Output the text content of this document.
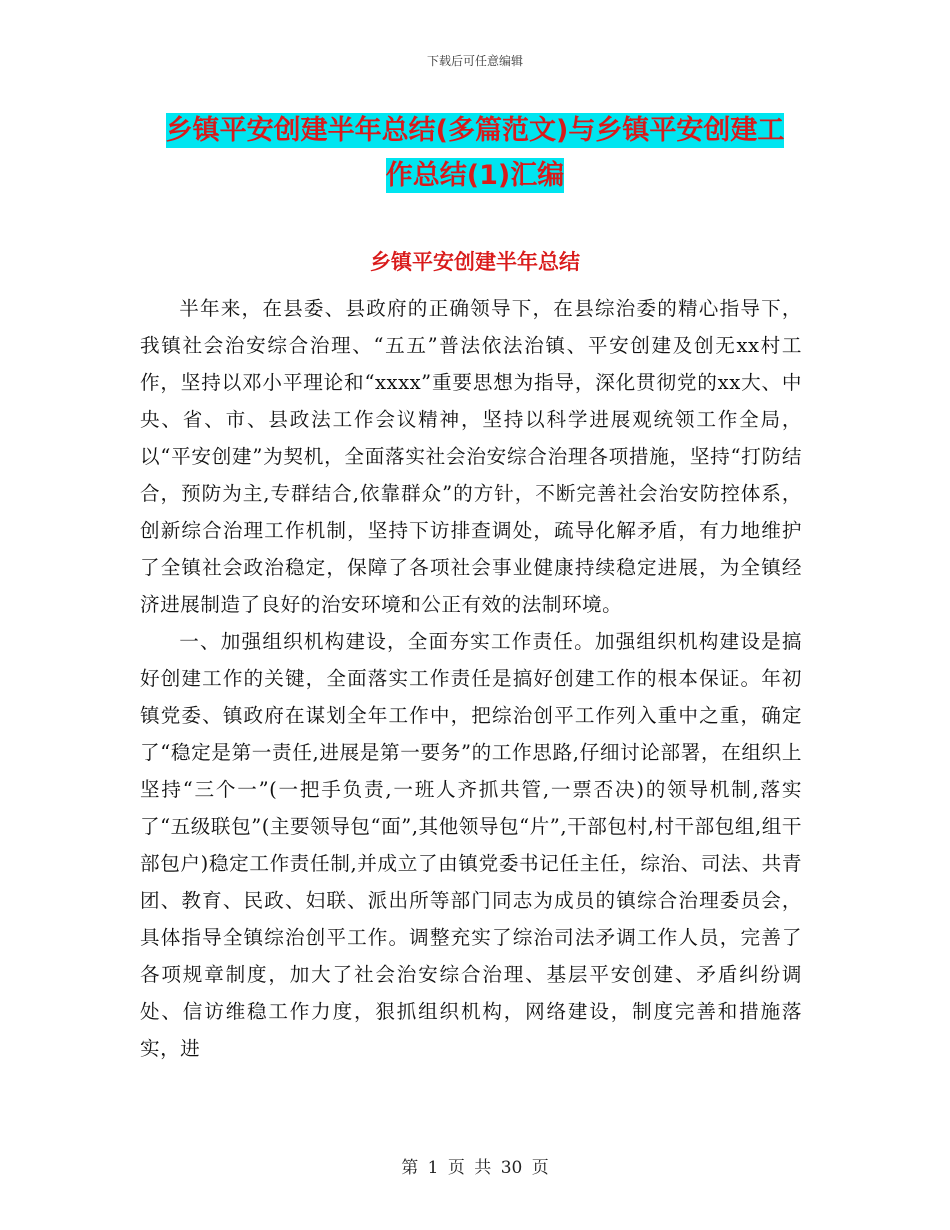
下载后可任意编辑
乡镇平安创建半年总结(多篇范文)与乡镇平安创建工
作总结(1)汇编
乡镇平安创建半年总结

半年来，在县委、县政府的正确领导下，在县综治委的精心指导下，我镇社会治安综合治理、“五五”普法依法治镇、平安创建及创无xx村工作，坚持以邓小平理论和“xxxx”重要思想为指导，深化贯彻党的xx大、中央、省、市、县政法工作会议精神，坚持以科学进展观统领工作全局，以“平安创建”为契机，全面落实社会治安综合治理各项措施，坚持“打防结合，预防为主,专群结合,依靠群众”的方针，不断完善社会治安防控体系，创新综合治理工作机制，坚持下访排查调处，疏导化解矛盾，有力地维护了全镇社会政治稳定，保障了各项社会事业健康持续稳定进展，为全镇经济进展制造了良好的治安环境和公正有效的法制环境。

一、加强组织机构建设，全面夯实工作责任。加强组织机构建设是搞好创建工作的关键，全面落实工作责任是搞好创建工作的根本保证。年初镇党委、镇政府在谋划全年工作中，把综治创平工作列入重中之重，确定了“稳定是第一责任,进展是第一要务”的工作思路,仔细讨论部署，在组织上坚持“三个一”(一把手负责,一班人齐抓共管,一票否决)的领导机制,落实了“五级联包”(主要领导包“面”,其他领导包“片”,干部包村,村干部包组,组干部包户)稳定工作责任制,并成立了由镇党委书记任主任，综治、司法、共青团、教育、民政、妇联、派出所等部门同志为成员的镇综合治理委员会，具体指导全镇综治创平工作。调整充实了综治司法矛调工作人员，完善了各项规章制度，加大了社会治安综合治理、基层平安创建、矛盾纠纷调处、信访维稳工作力度，狠抓组织机构，网络建设，制度完善和措施落实，进

第 1 页 共 30 页
